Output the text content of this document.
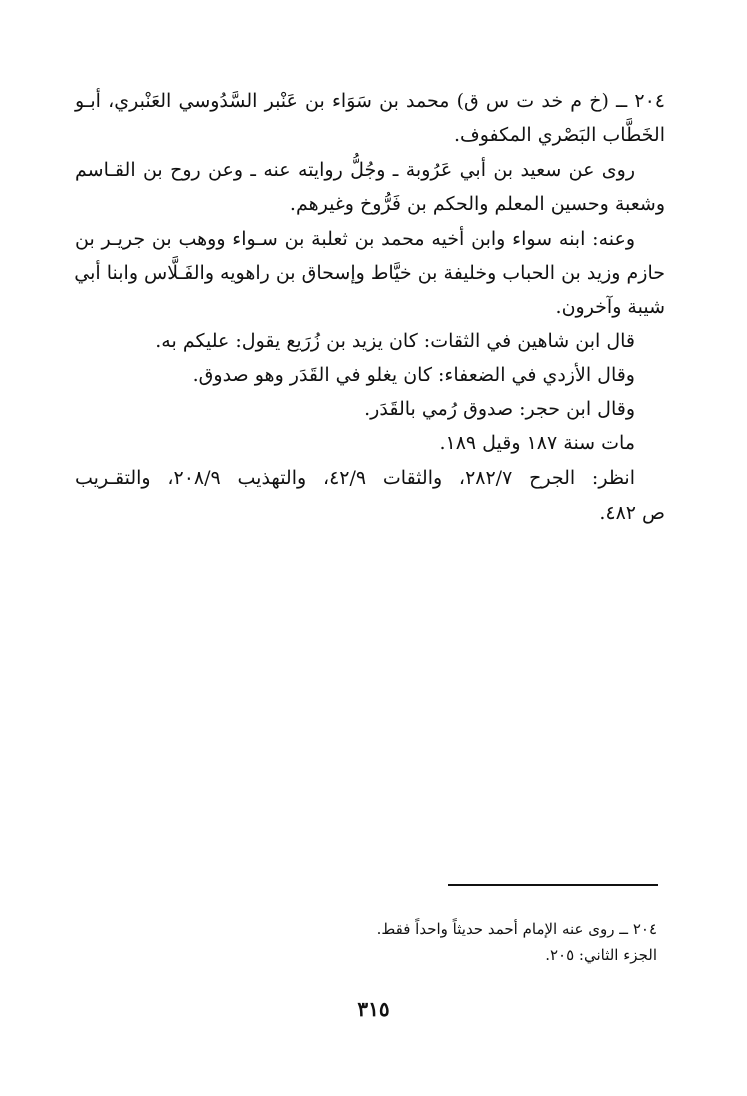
٢٠٤ ــ (خ م خد ت س ق) محمد بن سَوَاء بن عَنْبر السَّدُوسي العَنْبري، أبـو
الخَطَّاب البَصْري المكفوف.
روى عن سعيد بن أبي عَرُوبة ـ وجُلُّ روايته عنه ـ وعن روح بن القـاسم
وشعبة وحسين المعلم والحكم بن فَرُّوخ وغيرهم.
وعنه: ابنه سواء وابن أخيه محمد بن ثعلبة بن سـواء ووهب بن جريـر بن
حازم وزيد بن الحباب وخليفة بن خيَّاط وإسحاق بن راهويه والفَـلَّاس وابنا أبي
شيبة وآخرون.
قال ابن شاهين في الثقات: كان يزيد بن زُرَيع يقول: عليكم به.
وقال الأزدي في الضعفاء: كان يغلو في القَدَر وهو صدوق.
وقال ابن حجر: صدوق رُمي بالقَدَر.
مات سنة ١٨٧ وقيل ١٨٩.
انظر: الجرح ٢٨٢/٧، والثقات ٤٢/٩، والتهذيب ٢٠٨/٩، والتقـريب
ص ٤٨٢.
٢٠٤ ــ روى عنه الإمام أحمد حديثاً واحداً فقط.
الجزء الثاني: ٢٠٥.
٣١٥
